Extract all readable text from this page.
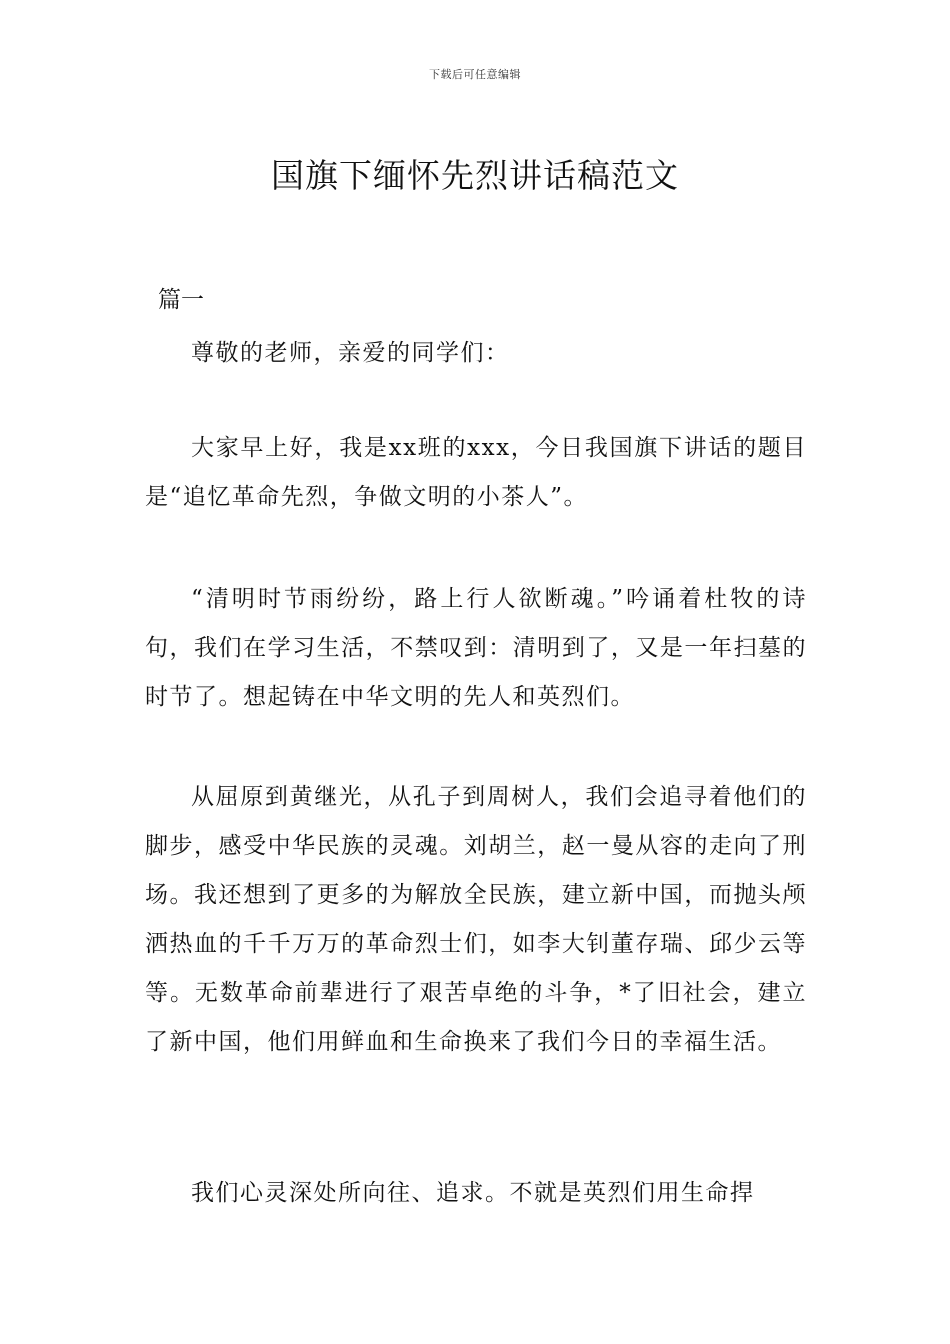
下载后可任意编辑
国旗下缅怀先烈讲话稿范文
篇一

尊敬的老师，亲爱的同学们：

大家早上好，我是xx班的xxx，今日我国旗下讲话的题目是“追忆革命先烈，争做文明的小茶人”。

“清明时节雨纷纷，路上行人欲断魂。”吟诵着杜牧的诗句，我们在学习生活，不禁叹到：清明到了，又是一年扫墓的时节了。想起铸在中华文明的先人和英烈们。

从屈原到黄继光，从孔子到周树人，我们会追寻着他们的脚步，感受中华民族的灵魂。刘胡兰，赵一曼从容的走向了刑场。我还想到了更多的为解放全民族，建立新中国，而抛头颅洒热血的千千万万的革命烈士们，如李大钊董存瑞、邱少云等等。无数革命前辈进行了艰苦卓绝的斗争，*了旧社会，建立了新中国，他们用鲜血和生命换来了我们今日的幸福生活。

我们心灵深处所向往、追求。不就是英烈们用生命捍
